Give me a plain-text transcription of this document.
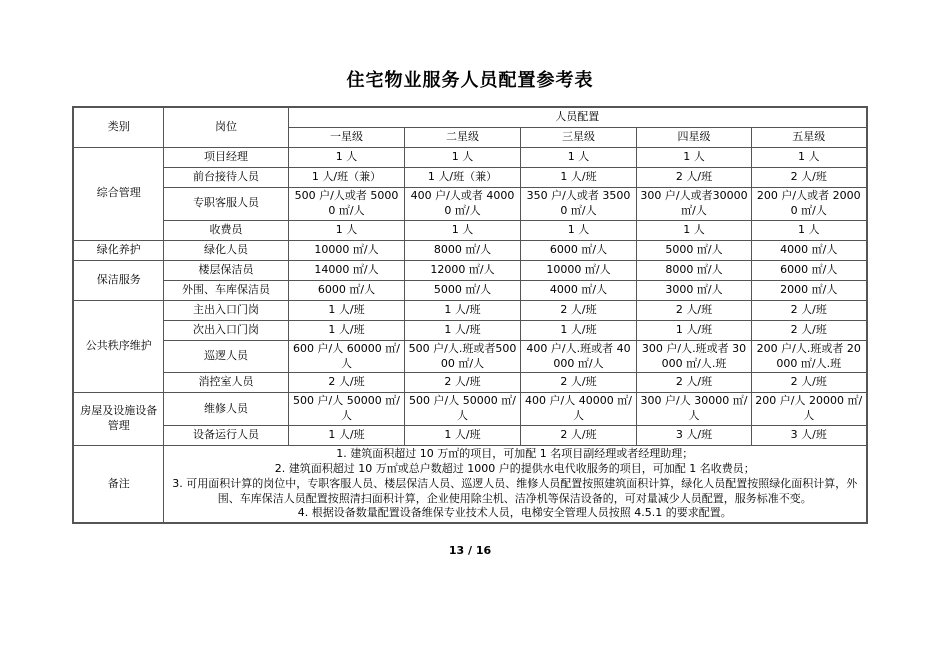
住宅物业服务人员配置参考表
类别	岗位	人员配置				
		一星级	二星级	三星级	四星级	五星级
综合管理	项目经理	1 人	1 人	1 人	1 人	1 人
	前台接待人员	1 人/班（兼）	1 人/班（兼）	1 人/班	2 人/班	2 人/班
	专职客服人员	500 户/人或者 50000 ㎡/人	400 户/人或者 40000 ㎡/人	350 户/人或者 35000 ㎡/人	300 户/人或者30000 ㎡/人	200 户/人或者 20000 ㎡/人
	收费员	1 人	1 人	1 人	1 人	1 人
绿化养护	绿化人员	10000 ㎡/人	8000 ㎡/人	6000 ㎡/人	5000 ㎡/人	4000 ㎡/人
保洁服务	楼层保洁员	14000 ㎡/人	12000 ㎡/人	10000 ㎡/人	8000 ㎡/人	6000 ㎡/人
	外围、车库保洁员	6000 ㎡/人	5000 ㎡/人	4000 ㎡/人	3000 ㎡/人	2000 ㎡/人
公共秩序维护	主出入口门岗	1 人/班	1 人/班	2 人/班	2 人/班	2 人/班
	次出入口门岗	1 人/班	1 人/班	1 人/班	1 人/班	2 人/班
	巡逻人员	600 户/人 60000 ㎡/人	500 户/人.班或者50000 ㎡/人	400 户/人.班或者 40000 ㎡/人	300 户/人.班或者 30000 ㎡/人.班	200 户/人.班或者 20000 ㎡/人.班
	消控室人员	2 人/班	2 人/班	2 人/班	2 人/班	2 人/班
房屋及设施设备管理	维修人员	500 户/人 50000 ㎡/人	500 户/人 50000 ㎡/人	400 户/人 40000 ㎡/人	300 户/人 30000 ㎡/人	200 户/人 20000 ㎡/人
	设备运行人员	1 人/班	1 人/班	2 人/班	3 人/班	3 人/班
备注	1. 建筑面积超过 10 万㎡的项目，可加配 1 名项目副经理或者经理助理；
2. 建筑面积超过 10 万㎡或总户数超过 1000 户的提供水电代收服务的项目，可加配 1 名收费员；
3. 可用面积计算的岗位中，专职客服人员、楼层保洁人员、巡逻人员、维修人员配置按照建筑面积计算，绿化人员配置按照绿化面积计算，外围、车库保洁人员配置按照清扫面积计算，企业使用除尘机、洁净机等保洁设备的，可对量减少人员配置，服务标准不变。
4. 根据设备数量配置设备维保专业技术人员，电梯安全管理人员按照 4.5.1 的要求配置。					
13 / 16
